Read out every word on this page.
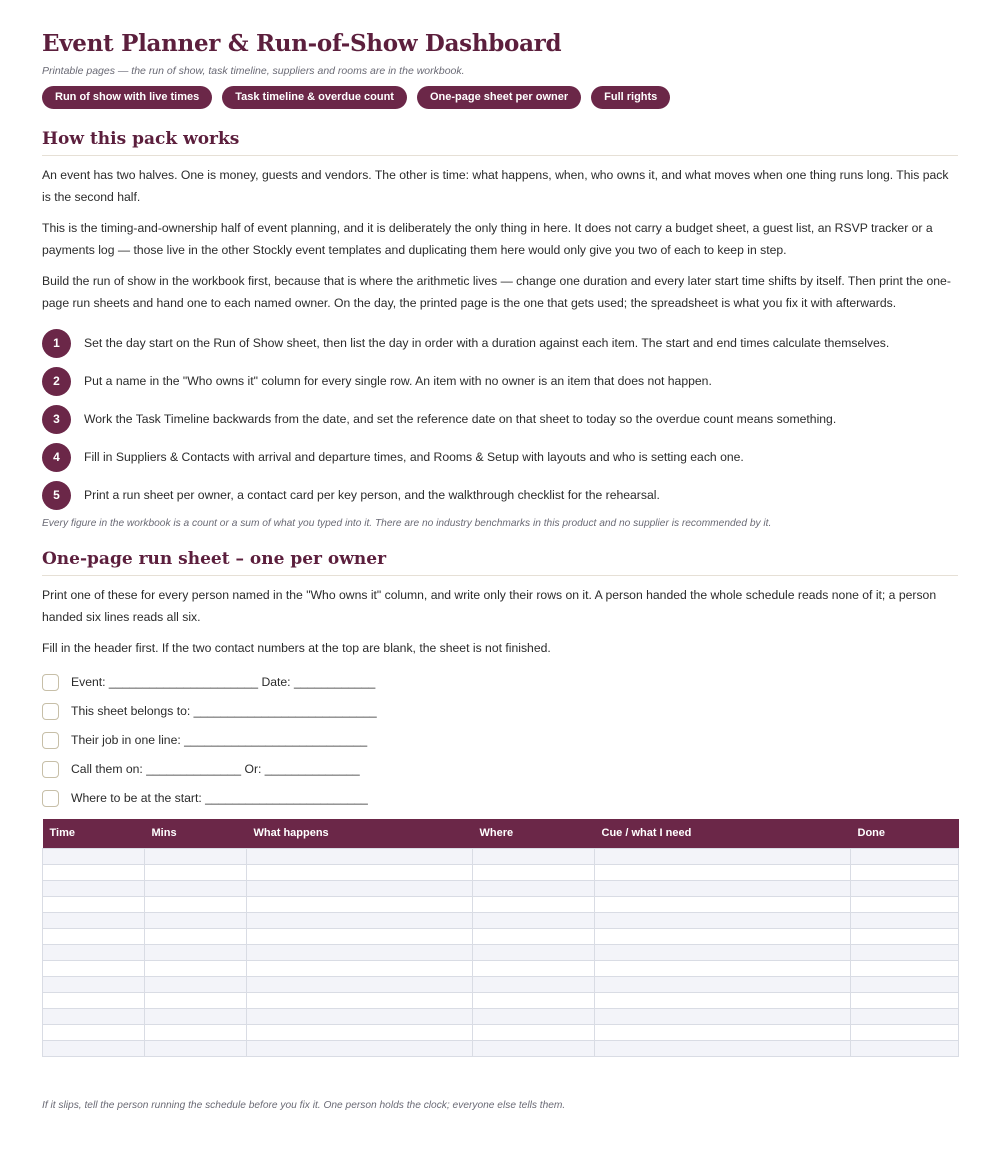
Event Planner & Run-of-Show Dashboard
Printable pages — the run of show, task timeline, suppliers and rooms are in the workbook.
Run of show with live times	Task timeline & overdue count	One-page sheet per owner	Full rights
How this pack works

An event has two halves. One is money, guests and vendors. The other is time: what happens, when, who owns it, and what moves when one thing runs long. This pack is the second half.

This is the timing-and-ownership half of event planning, and it is deliberately the only thing in here. It does not carry a budget sheet, a guest list, an RSVP tracker or a payments log — those live in the other Stockly event templates and duplicating them here would only give you two of each to keep in step.

Build the run of show in the workbook first, because that is where the arithmetic lives — change one duration and every later start time shifts by itself. Then print the one-page run sheets and hand one to each named owner. On the day, the printed page is the one that gets used; the spreadsheet is what you fix it with afterwards.

1	Set the day start on the Run of Show sheet, then list the day in order with a duration against each item. The start and end times calculate themselves.
2	Put a name in the "Who owns it" column for every single row. An item with no owner is an item that does not happen.
3	Work the Task Timeline backwards from the date, and set the reference date on that sheet to today so the overdue count means something.
4	Fill in Suppliers & Contacts with arrival and departure times, and Rooms & Setup with layouts and who is setting each one.
5	Print a run sheet per owner, a contact card per key person, and the walkthrough checklist for the rehearsal.
Every figure in the workbook is a count or a sum of what you typed into it. There are no industry benchmarks in this product and no supplier is recommended by it.
One-page run sheet – one per owner

Print one of these for every person named in the "Who owns it" column, and write only their rows on it. A person handed the whole schedule reads none of it; a person handed six lines reads all six.

Fill in the header first. If the two contact numbers at the top are blank, the sheet is not finished.

Event: ______________________ Date: ____________
This sheet belongs to: ___________________________
Their job in one line: ___________________________
Call them on: ______________ Or: ______________
Where to be at the start: ________________________
Time	Mins	What happens	Where	Cue / what I need	Done

If it slips, tell the person running the schedule before you fix it. One person holds the clock; everyone else tells them.
